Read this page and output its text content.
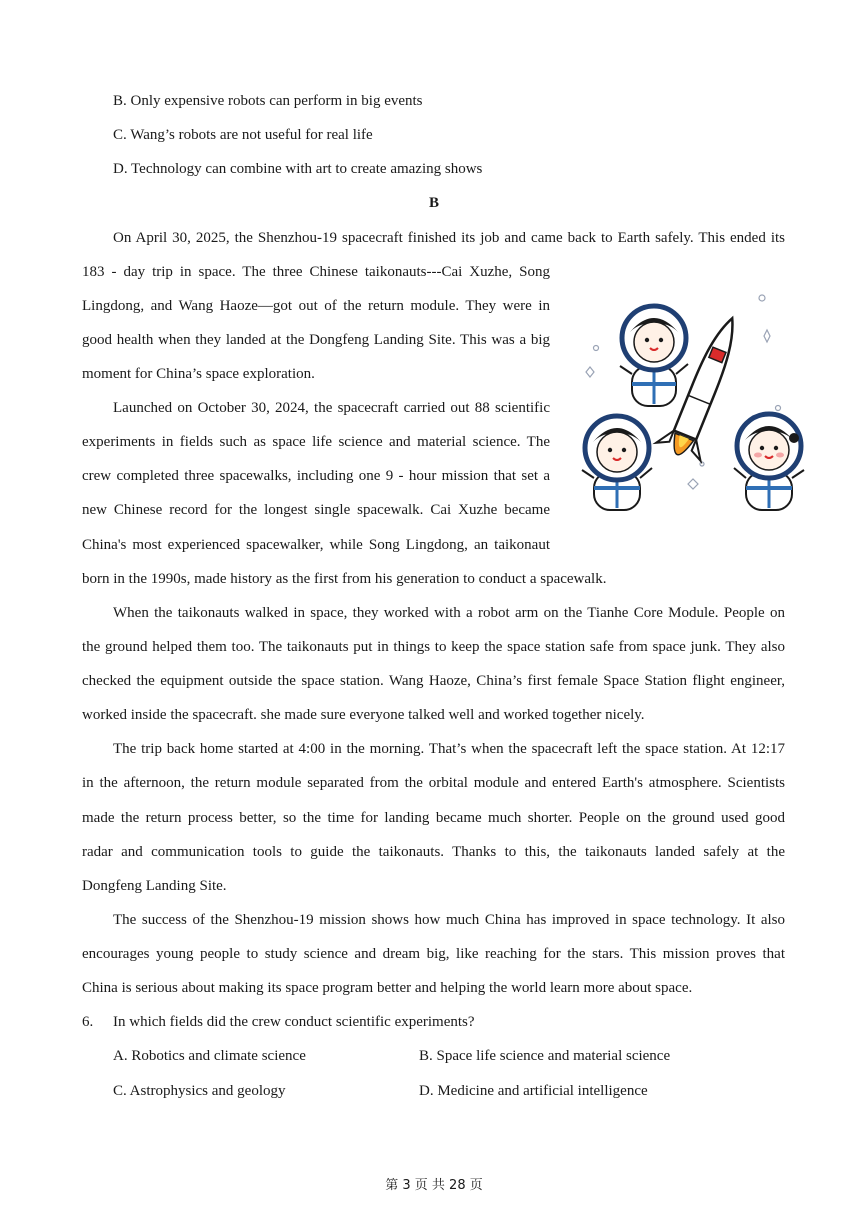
B. Only expensive robots can perform in big events
C. Wang’s robots are not useful for real life
D. Technology can combine with art to create amazing shows
B
On April 30, 2025, the Shenzhou-19 spacecraft finished its job and came back to Earth safely. This ended its
183 - day trip in space. The three Chinese taikonauts---Cai Xuzhe, Song
Lingdong, and Wang Haoze—got out of the return module. They were in
good health when they landed at the Dongfeng Landing Site. This was a big
moment for China’s space exploration.
Launched on October 30, 2024, the spacecraft carried out 88 scientific
experiments in fields such as space life science and material science. The
crew completed three spacewalks, including one 9 - hour mission that set a
new Chinese record for the longest single spacewalk. Cai Xuzhe became
China's most experienced spacewalker, while Song Lingdong, an taikonaut
born in the 1990s, made history as the first from his generation to conduct a spacewalk.
When the taikonauts walked in space, they worked with a robot arm on the Tianhe Core Module. People on
the ground helped them too. The taikonauts put in things to keep the space station safe from space junk. They also
checked the equipment outside the space station. Wang Haoze, China’s first female Space Station flight engineer,
worked inside the spacecraft. she made sure everyone talked well and worked together nicely.
The trip back home started at 4:00 in the morning. That’s when the spacecraft left the space station. At 12:17
in the afternoon, the return module separated from the orbital module and entered Earth's atmosphere. Scientists
made the return process better, so the time for landing became much shorter. People on the ground used good
radar and communication tools to guide the taikonauts. Thanks to this, the taikonauts landed safely at the
Dongfeng Landing Site.
The success of the Shenzhou-19 mission shows how much China has improved in space technology. It also
encourages young people to study science and dream big, like reaching for the stars. This mission proves that
China is serious about making its space program better and helping the world learn more about space.
6. In which fields did the crew conduct scientific experiments?
A. Robotics and climate science	B. Space life science and material science
C. Astrophysics and geology	D. Medicine and artificial intelligence
第 3 页 共 28 页
